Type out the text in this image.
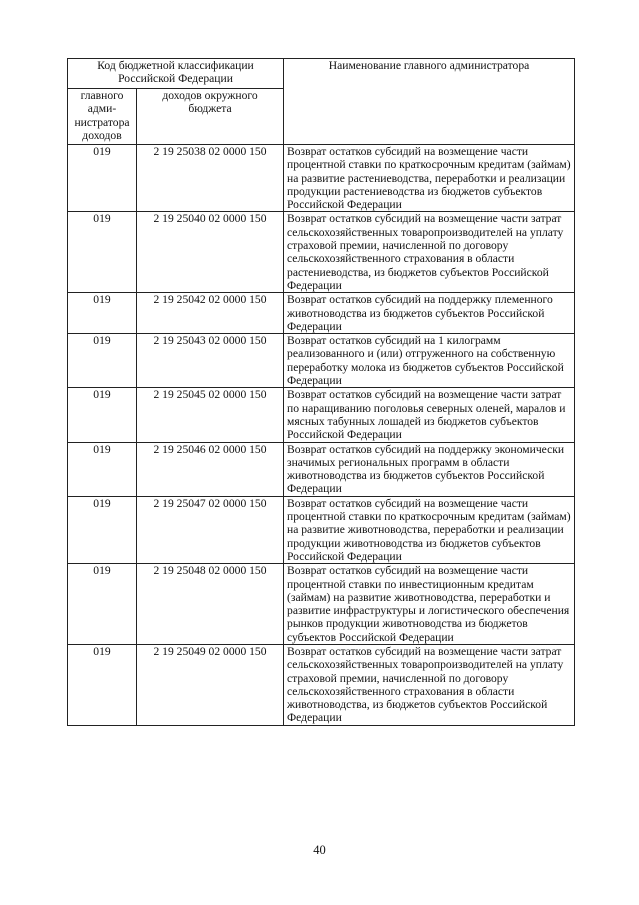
Код бюджетной классификации Российской Федерации		Наименование главного администратора
главного адми- нистратора доходов	доходов окружного бюджета	
019	2 19 25038 02 0000 150	Возврат остатков субсидий на возмещение части процентной ставки по краткосрочным кредитам (займам) на развитие растениеводства, переработки и реализации продукции растениеводства из бюджетов субъектов Российской Федерации
019	2 19 25040 02 0000 150	Возврат остатков субсидий на возмещение части затрат сельскохозяйственных товаропроизводителей на уплату страховой премии, начисленной по договору сельскохозяйственного страхования в области растениеводства, из бюджетов субъектов Российской Федерации
019	2 19 25042 02 0000 150	Возврат остатков субсидий на поддержку племенного животноводства из бюджетов субъектов Российской Федерации
019	2 19 25043 02 0000 150	Возврат остатков субсидий на 1 килограмм реализованного и (или) отгруженного на собственную переработку молока из бюджетов субъектов Российской Федерации
019	2 19 25045 02 0000 150	Возврат остатков субсидий на возмещение части затрат по наращиванию поголовья северных оленей, маралов и мясных табунных лошадей из бюджетов субъектов Российской Федерации
019	2 19 25046 02 0000 150	Возврат остатков субсидий на поддержку экономически значимых региональных программ в области животноводства из бюджетов субъектов Российской Федерации
019	2 19 25047 02 0000 150	Возврат остатков субсидий на возмещение части процентной ставки по краткосрочным кредитам (займам) на развитие животноводства, переработки и реализации продукции животноводства из бюджетов субъектов Российской Федерации
019	2 19 25048 02 0000 150	Возврат остатков субсидий на возмещение части процентной ставки по инвестиционным кредитам (займам) на развитие животноводства, переработки и развитие инфраструктуры и логистического обеспечения рынков продукции животноводства из бюджетов субъектов Российской Федерации
019	2 19 25049 02 0000 150	Возврат остатков субсидий на возмещение части затрат сельскохозяйственных товаропроизводителей на уплату страховой премии, начисленной по договору сельскохозяйственного страхования в области животноводства, из бюджетов субъектов Российской Федерации
40
